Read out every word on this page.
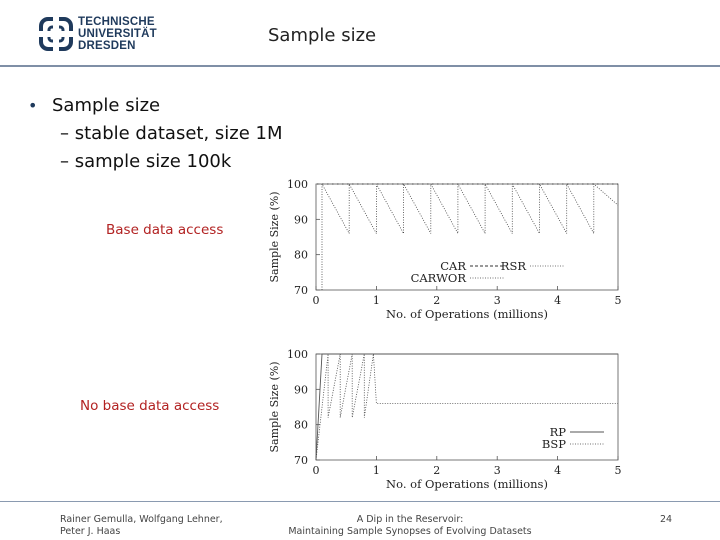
TECHNISCHE
UNIVERSITÄT
DRESDEN	Sample size
• Sample size
– stable dataset, size 1M
– sample size 100k
Base data access
No base data access
70
80
90
100
0	1	2	3	4	5
No. of Operations (millions)
Sample Size (%)	CAR	RSR
CARWOR
70
80
90
100
0	1	2	3	4	5
No. of Operations (millions)
Sample Size (%)	RP
BSP
Rainer Gemulla, Wolfgang Lehner,
Peter J. Haas
A Dip in the Reservoir:
Maintaining Sample Synopses of Evolving Datasets
24
